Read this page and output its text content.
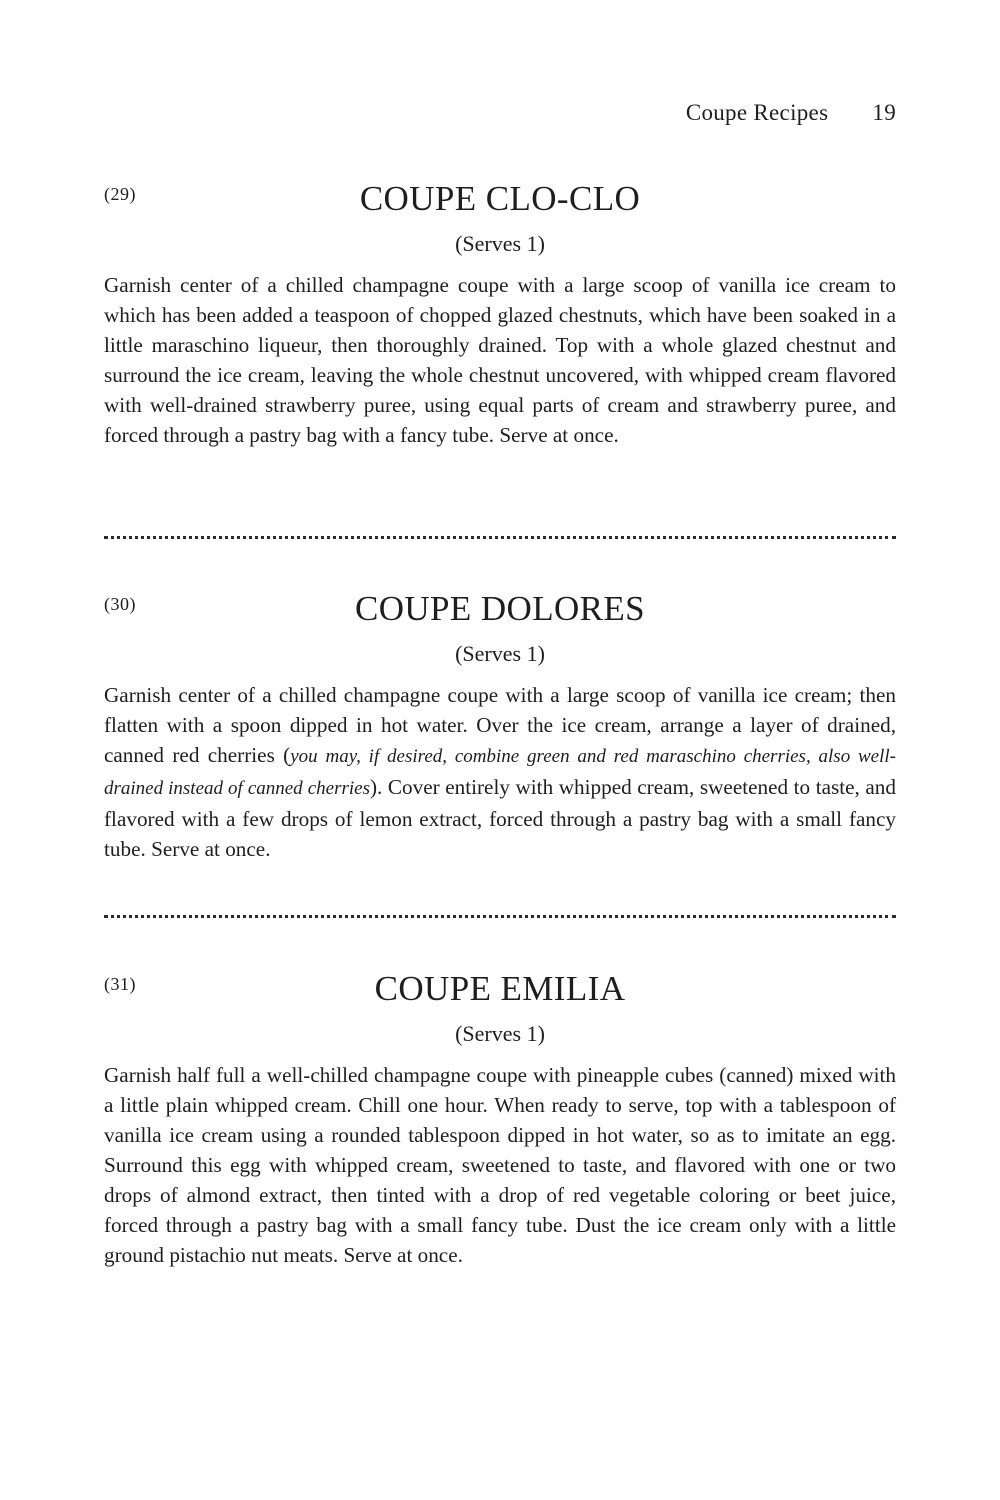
Coupe Recipes 19
(29)	COUPE CLO-CLO
(Serves 1)

Garnish center of a chilled champagne coupe with a large scoop of vanilla ice cream to which has been added a teaspoon of chopped glazed chestnuts, which have been soaked in a little maraschino liqueur, then thoroughly drained. Top with a whole glazed chestnut and surround the ice cream, leaving the whole chestnut uncovered, with whipped cream flavored with well-drained strawberry puree, using equal parts of cream and strawberry puree, and forced through a pastry bag with a fancy tube. Serve at once.

(30)	COUPE DOLORES
(Serves 1)

Garnish center of a chilled champagne coupe with a large scoop of vanilla ice cream; then flatten with a spoon dipped in hot water. Over the ice cream, arrange a layer of drained, canned red cherries (you may, if desired, combine green and red maraschino cherries, also well-drained instead of canned cherries). Cover entirely with whipped cream, sweetened to taste, and flavored with a few drops of lemon extract, forced through a pastry bag with a small fancy tube. Serve at once.

(31)	COUPE EMILIA
(Serves 1)

Garnish half full a well-chilled champagne coupe with pineapple cubes (canned) mixed with a little plain whipped cream. Chill one hour. When ready to serve, top with a tablespoon of vanilla ice cream using a rounded tablespoon dipped in hot water, so as to imitate an egg. Surround this egg with whipped cream, sweetened to taste, and flavored with one or two drops of almond extract, then tinted with a drop of red vegetable coloring or beet juice, forced through a pastry bag with a small fancy tube. Dust the ice cream only with a little ground pistachio nut meats. Serve at once.
